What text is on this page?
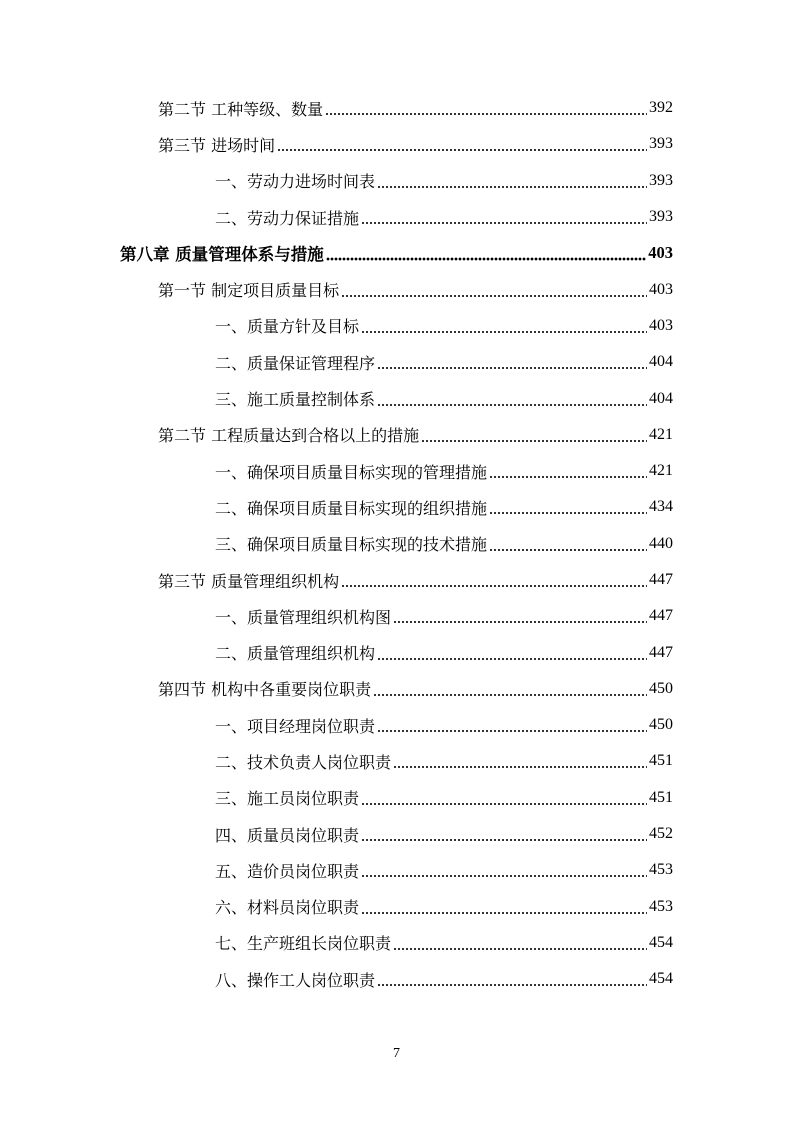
第二节 工种等级、数量	392
第三节 进场时间	393
一、劳动力进场时间表	393
二、劳动力保证措施	393
第八章 质量管理体系与措施	403
第一节 制定项目质量目标	403
一、质量方针及目标	403
二、质量保证管理程序	404
三、施工质量控制体系	404
第二节 工程质量达到合格以上的措施	421
一、确保项目质量目标实现的管理措施	421
二、确保项目质量目标实现的组织措施	434
三、确保项目质量目标实现的技术措施	440
第三节 质量管理组织机构	447
一、质量管理组织机构图	447
二、质量管理组织机构	447
第四节 机构中各重要岗位职责	450
一、项目经理岗位职责	450
二、技术负责人岗位职责	451
三、施工员岗位职责	451
四、质量员岗位职责	452
五、造价员岗位职责	453
六、材料员岗位职责	453
七、生产班组长岗位职责	454
八、操作工人岗位职责	454
7
